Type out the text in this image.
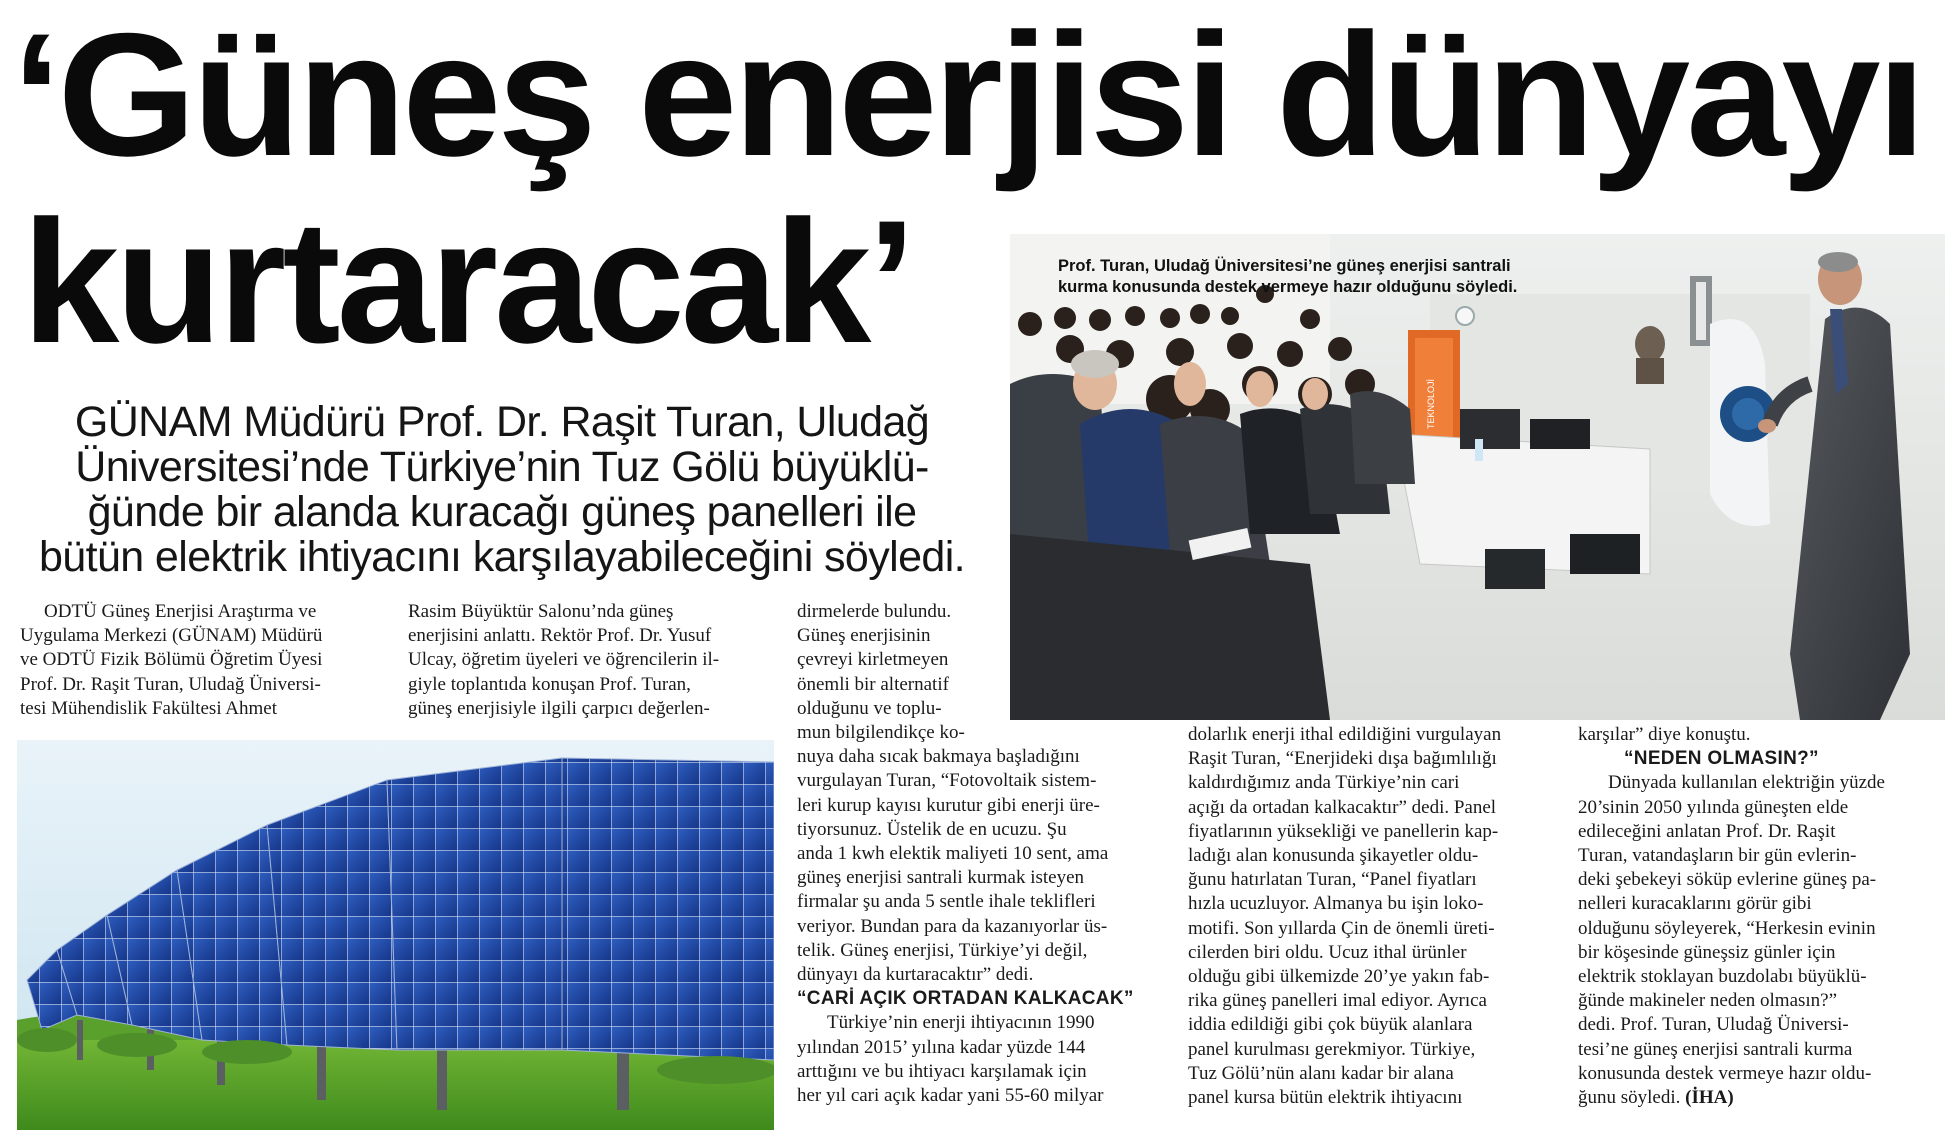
‘Güneş enerjisi dünyayı
kurtaracak’
GÜNAM Müdürü Prof. Dr. Raşit Turan, Uludağ
Üniversitesi’nde Türkiye’nin Tuz Gölü büyüklü-
ğünde bir alanda kuracağı güneş panelleri ile
bütün elektrik ihtiyacını karşılayabileceğini söyledi.
TEKNOLOJİ
Prof. Turan, Uludağ Üniversitesi’ne güneş enerjisi santrali
kurma konusunda destek vermeye hazır olduğunu söyledi.

ODTÜ Güneş Enerjisi Araştırma ve

Uygulama Merkezi (GÜNAM) Müdürü

ve ODTÜ Fizik Bölümü Öğretim Üyesi

Prof. Dr. Raşit Turan, Uludağ Üniversi-

tesi Mühendislik Fakültesi Ahmet

Rasim Büyüktür Salonu’nda güneş

enerjisini anlattı. Rektör Prof. Dr. Yusuf

Ulcay, öğretim üyeleri ve öğrencilerin il-

giyle toplantıda konuşan Prof. Turan,

güneş enerjisiyle ilgili çarpıcı değerlen-

dirmelerde bulundu.

Güneş enerjisinin

çevreyi kirletmeyen

önemli bir alternatif

olduğunu ve toplu-

mun bilgilendikçe ko-

nuya daha sıcak bakmaya başladığını

vurgulayan Turan, “Fotovoltaik sistem-

leri kurup kayısı kurutur gibi enerji üre-

tiyorsunuz. Üstelik de en ucuzu. Şu

anda 1 kwh elektik maliyeti 10 sent, ama

güneş enerjisi santrali kurmak isteyen

firmalar şu anda 5 sentle ihale teklifleri

veriyor. Bundan para da kazanıyorlar üs-

telik. Güneş enerjisi, Türkiye’yi değil,

dünyayı da kurtaracaktır” dedi.

“CARİ AÇIK ORTADAN KALKACAK”

Türkiye’nin enerji ihtiyacının 1990

yılından 2015’ yılına kadar yüzde 144

arttığını ve bu ihtiyacı karşılamak için

her yıl cari açık kadar yani 55-60 milyar

dolarlık enerji ithal edildiğini vurgulayan

Raşit Turan, “Enerjideki dışa bağımlılığı

kaldırdığımız anda Türkiye’nin cari

açığı da ortadan kalkacaktır” dedi. Panel

fiyatlarının yüksekliği ve panellerin kap-

ladığı alan konusunda şikayetler oldu-

ğunu hatırlatan Turan, “Panel fiyatları

hızla ucuzluyor. Almanya bu işin loko-

motifi. Son yıllarda Çin de önemli üreti-

cilerden biri oldu. Ucuz ithal ürünler

olduğu gibi ülkemizde 20’ye yakın fab-

rika güneş panelleri imal ediyor. Ayrıca

iddia edildiği gibi çok büyük alanlara

panel kurulması gerekmiyor. Türkiye,

Tuz Gölü’nün alanı kadar bir alana

panel kursa bütün elektrik ihtiyacını

karşılar” diye konuştu.

“NEDEN OLMASIN?”

Dünyada kullanılan elektriğin yüzde

20’sinin 2050 yılında güneşten elde

edileceğini anlatan Prof. Dr. Raşit

Turan, vatandaşların bir gün evlerin-

deki şebekeyi söküp evlerine güneş pa-

nelleri kuracaklarını görür gibi

olduğunu söyleyerek, “Herkesin evinin

bir köşesinde güneşsiz günler için

elektrik stoklayan buzdolabı büyüklü-

ğünde makineler neden olmasın?”

dedi. Prof. Turan, Uludağ Üniversi-

tesi’ne güneş enerjisi santrali kurma

konusunda destek vermeye hazır oldu-

ğunu söyledi. (İHA)
